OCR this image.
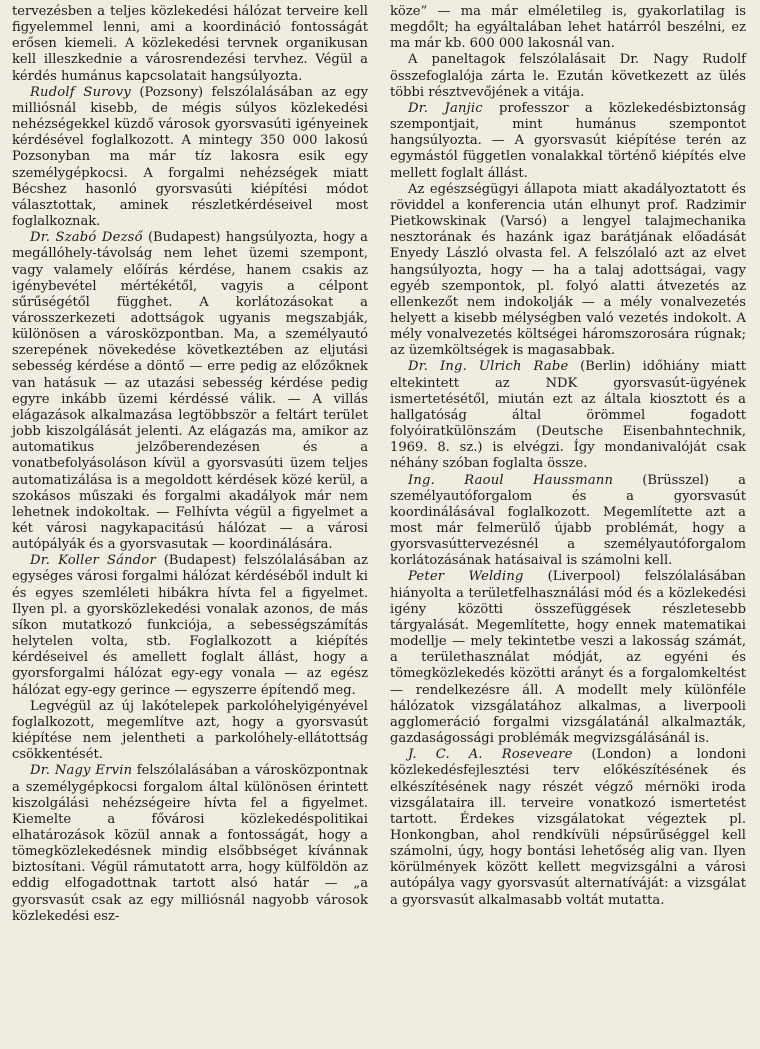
tervezésben a teljes közlekedési hálózat terveire kell figyelemmel lenni, ami a koordináció fontosságát erősen kiemeli. A közlekedési tervnek organikusan kell illeszkednie a városrendezési tervhez. Végül a kérdés humánus kapcsolatait hangsúlyozta.

Rudolf Surovy (Pozsony) felszólalásában az egy milliósnál kisebb, de mégis súlyos közlekedési nehézségekkel küzdő városok gyorsvasúti igényeinek kérdésével foglalkozott. A mintegy 350 000 lakosú Pozsonyban ma már tíz lakosra esik egy személygépkocsi. A forgalmi nehézségek miatt Bécshez hasonló gyorsvasúti kiépítési módot választottak, aminek részletkérdéseivel most foglalkoznak.

Dr. Szabó Dezső (Budapest) hangsúlyozta, hogy a megállóhely-távolság nem lehet üzemi szempont, vagy valamely előírás kérdése, hanem csakis az igénybevétel mértékétől, vagyis a célpont sűrűségétől függhet. A korlátozásokat a városszerkezeti adottságok ugyanis megszabják, különösen a városközpontban. Ma, a személyautó szerepének növekedése következtében az eljutási sebesség kérdése a döntő — erre pedig az előzőknek van hatásuk — az utazási sebesség kérdése pedig egyre inkább üzemi kérdéssé válik. — A villás elágazások alkalmazása legtöbbször a feltárt terület jobb kiszolgálását jelenti. Az elágazás ma, amikor az automatikus jelzőberendezésen és a vonatbefolyásoláson kívül a gyorsvasúti üzem teljes automatizálása is a megoldott kérdések közé kerül, a szokásos műszaki és forgalmi akadályok már nem lehetnek indokoltak. — Felhívta végül a figyelmet a két városi nagykapacitású hálózat — a városi autópályák és a gyorsvasutak — koordinálására.

Dr. Koller Sándor (Budapest) felszólalásában az egységes városi forgalmi hálózat kérdéséből indult ki és egyes szemléleti hibákra hívta fel a figyelmet. Ilyen pl. a gyorsközlekedési vonalak azonos, de más síkon mutatkozó funkciója, a sebességszámítás helytelen volta, stb. Foglalkozott a kiépítés kérdéseivel és amellett foglalt állást, hogy a gyorsforgalmi hálózat egy-egy vonala — az egész hálózat egy-egy gerince — egyszerre építendő meg.

Legvégül az új lakótelepek parkolóhelyigényével foglalkozott, megemlítve azt, hogy a gyorsvasút kiépítése nem jelentheti a parkolóhely-ellátottság csökkentését.

Dr. Nagy Ervin felszólalásában a városközpontnak a személygépkocsi forgalom által különösen érintett kiszolgálási nehézségeire hívta fel a figyelmet. Kiemelte a fővárosi közlekedéspolitikai elhatározások közül annak a fontosságát, hogy a tömegközlekedésnek mindig elsőbbséget kívánnak biztosítani. Végül rámutatott arra, hogy külföldön az eddig elfogadottnak tartott alsó határ — „a gyorsvasút csak az egy milliósnál nagyobb városok közlekedési esz-

köze” — ma már elméletileg is, gyakorlatilag is megdőlt; ha egyáltalában lehet határról beszélni, ez ma már kb. 600 000 lakosnál van.

A paneltagok felszólalásait Dr. Nagy Rudolf összefoglalója zárta le. Ezután következett az ülés többi résztvevőjének a vitája.

Dr. Janjic professzor a közlekedésbiztonság szempontjait, mint humánus szempontot hangsúlyozta. — A gyorsvasút kiépítése terén az egymástól független vonalakkal történő kiépítés elve mellett foglalt állást.

Az egészségügyi állapota miatt akadályoztatott és röviddel a konferencia után elhunyt prof. Radzimir Pietkowskinak (Varsó) a lengyel talajmechanika nesztorának és hazánk igaz barátjának előadását Enyedy László olvasta fel. A felszólaló azt az elvet hangsúlyozta, hogy — ha a talaj adottságai, vagy egyéb szempontok, pl. folyó alatti átvezetés az ellenkezőt nem indokolják — a mély vonalvezetés helyett a kisebb mélységben való vezetés indokolt. A mély vonalvezetés költségei háromszorosára rúgnak; az üzemköltségek is magasabbak.

Dr. Ing. Ulrich Rabe (Berlin) időhiány miatt eltekintett az NDK gyorsvasút-ügyének ismertetésétől, miután ezt az általa kiosztott és a hallgatóság által örömmel fogadott folyóiratkülönszám (Deutsche Eisenbahntechnik, 1969. 8. sz.) is elvégzi. Így mondanivalóját csak néhány szóban foglalta össze.

Ing. Raoul Haussmann (Brüsszel) a személyautóforgalom és a gyorsvasút koordinálásával foglalkozott. Megemlítette azt a most már felmerülő újabb problémát, hogy a gyorsvasúttervezésnél a személyautóforgalom korlátozásának hatásaival is számolni kell.

Peter Welding (Liverpool) felszólalásában hiányolta a területfelhasználási mód és a közlekedési igény közötti összefüggések részletesebb tárgyalását. Megemlítette, hogy ennek matematikai modellje — mely tekintetbe veszi a lakosság számát, a területhasználat módját, az egyéni és tömegközlekedés közötti arányt és a forgalomkeltést — rendelkezésre áll. A modellt mely különféle hálózatok vizsgálatához alkalmas, a liverpooli agglomeráció forgalmi vizsgálatánál alkalmazták, gazdaságossági problémák megvizsgálásánál is.

J. C. A. Roseveare (London) a londoni közlekedésfejlesztési terv előkészítésének és elkészítésének nagy részét végző mérnöki iroda vizsgálataira ill. terveire vonatkozó ismertetést tartott. Érdekes vizsgálatokat végeztek pl. Honkongban, ahol rendkívüli népsűrűséggel kell számolni, úgy, hogy bontási lehetőség alig van. Ilyen körülmények között kellett megvizsgálni a városi autópálya vagy gyorsvasút alternatíváját: a vizsgálat a gyorsvasút alkalmasabb voltát mutatta.
